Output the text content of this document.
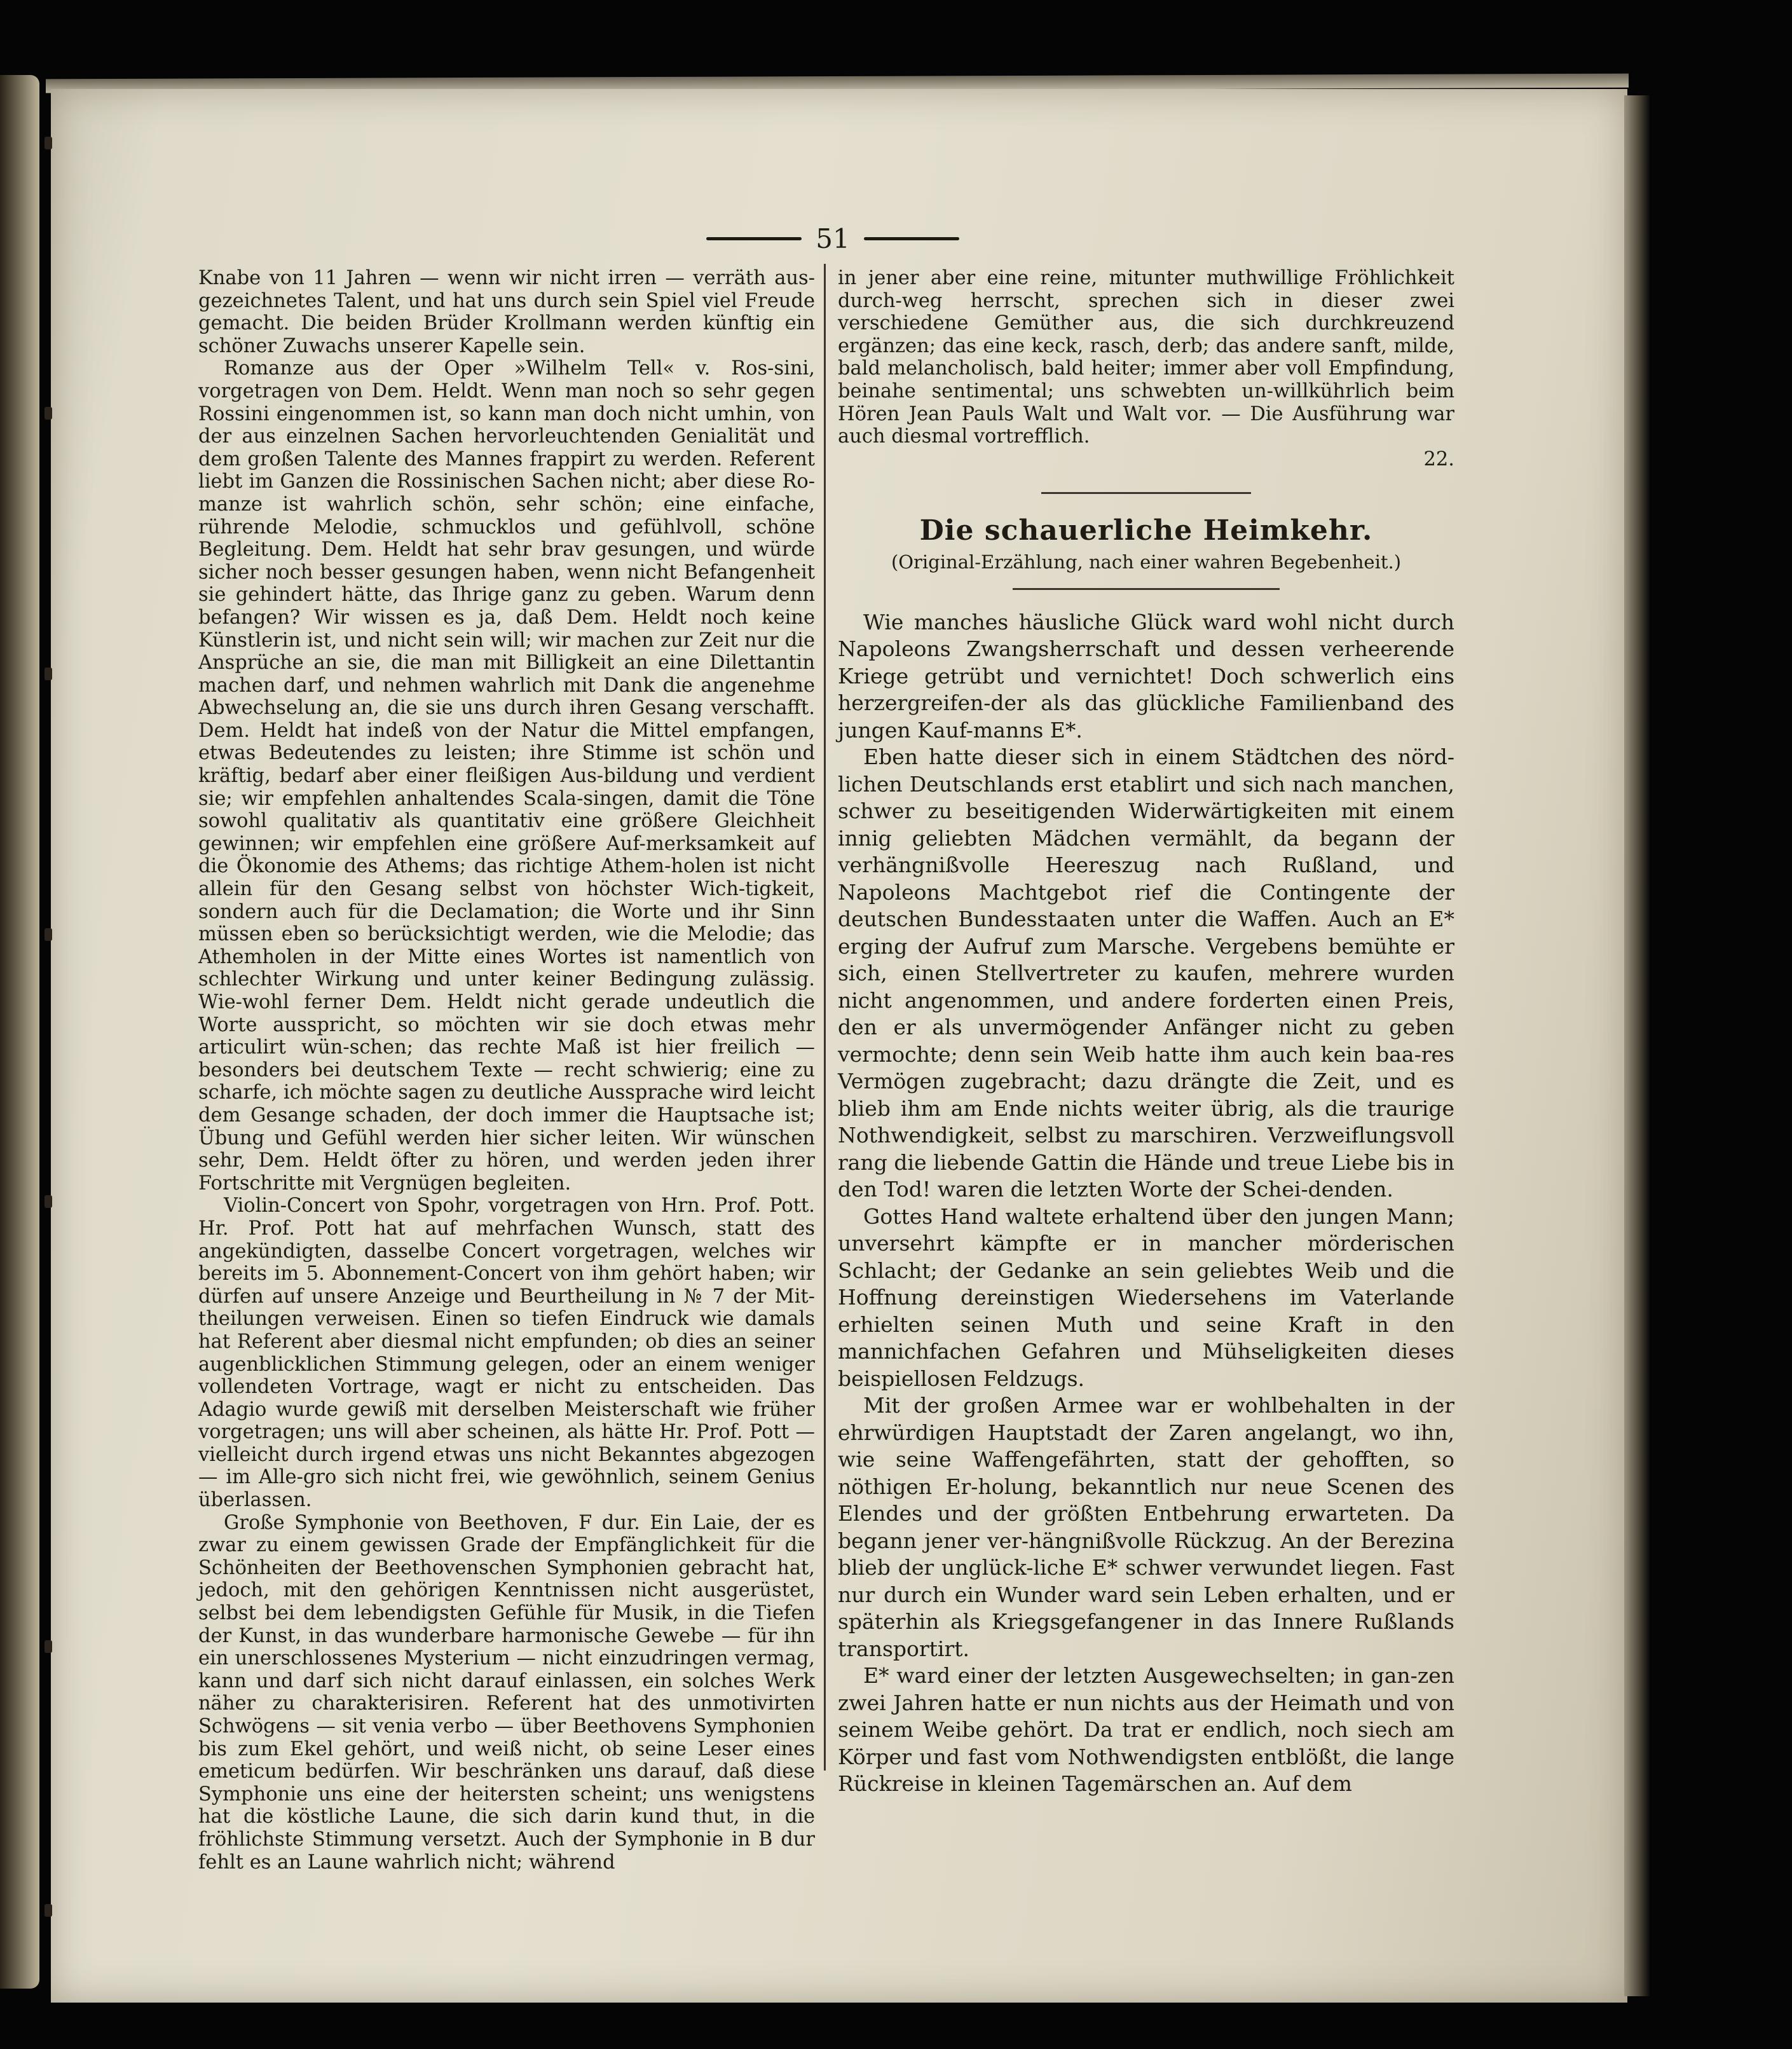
51

Knabe von 11 Jahren — wenn wir nicht irren — verräth aus-gezeichnetes Talent, und hat uns durch sein Spiel viel Freude gemacht. Die beiden Brüder Krollmann werden künftig ein schöner Zuwachs unserer Kapelle sein.

Romanze aus der Oper »Wilhelm Tell« v. Ros-sini, vorgetragen von Dem. Heldt. Wenn man noch so sehr gegen Rossini eingenommen ist, so kann man doch nicht umhin, von der aus einzelnen Sachen hervorleuchtenden Genialität und dem großen Talente des Mannes frappirt zu werden. Referent liebt im Ganzen die Rossinischen Sachen nicht; aber diese Ro-manze ist wahrlich schön, sehr schön; eine einfache, rührende Melodie, schmucklos und gefühlvoll, schöne Begleitung. Dem. Heldt hat sehr brav gesungen, und würde sicher noch besser gesungen haben, wenn nicht Befangenheit sie gehindert hätte, das Ihrige ganz zu geben. Warum denn befangen? Wir wissen es ja, daß Dem. Heldt noch keine Künstlerin ist, und nicht sein will; wir machen zur Zeit nur die Ansprüche an sie, die man mit Billigkeit an eine Dilettantin machen darf, und nehmen wahrlich mit Dank die angenehme Abwechselung an, die sie uns durch ihren Gesang verschafft. Dem. Heldt hat indeß von der Natur die Mittel empfangen, etwas Bedeutendes zu leisten; ihre Stimme ist schön und kräftig, bedarf aber einer fleißigen Aus-bildung und verdient sie; wir empfehlen anhaltendes Scala-singen, damit die Töne sowohl qualitativ als quantitativ eine größere Gleichheit gewinnen; wir empfehlen eine größere Auf-merksamkeit auf die Ökonomie des Athems; das richtige Athem-holen ist nicht allein für den Gesang selbst von höchster Wich-tigkeit, sondern auch für die Declamation; die Worte und ihr Sinn müssen eben so berücksichtigt werden, wie die Melodie; das Athemholen in der Mitte eines Wortes ist namentlich von schlechter Wirkung und unter keiner Bedingung zulässig. Wie-wohl ferner Dem. Heldt nicht gerade undeutlich die Worte ausspricht, so möchten wir sie doch etwas mehr articulirt wün-schen; das rechte Maß ist hier freilich — besonders bei deutschem Texte — recht schwierig; eine zu scharfe, ich möchte sagen zu deutliche Aussprache wird leicht dem Gesange schaden, der doch immer die Hauptsache ist; Übung und Gefühl werden hier sicher leiten. Wir wünschen sehr, Dem. Heldt öfter zu hören, und werden jeden ihrer Fortschritte mit Vergnügen begleiten.

Violin-Concert von Spohr, vorgetragen von Hrn. Prof. Pott. Hr. Prof. Pott hat auf mehrfachen Wunsch, statt des angekündigten, dasselbe Concert vorgetragen, welches wir bereits im 5. Abonnement-Concert von ihm gehört haben; wir dürfen auf unsere Anzeige und Beurtheilung in № 7 der Mit-theilungen verweisen. Einen so tiefen Eindruck wie damals hat Referent aber diesmal nicht empfunden; ob dies an seiner augenblicklichen Stimmung gelegen, oder an einem weniger vollendeten Vortrage, wagt er nicht zu entscheiden. Das Adagio wurde gewiß mit derselben Meisterschaft wie früher vorgetragen; uns will aber scheinen, als hätte Hr. Prof. Pott — vielleicht durch irgend etwas uns nicht Bekanntes abgezogen — im Alle-gro sich nicht frei, wie gewöhnlich, seinem Genius überlassen.

Große Symphonie von Beethoven, F dur. Ein Laie, der es zwar zu einem gewissen Grade der Empfänglichkeit für die Schönheiten der Beethovenschen Symphonien gebracht hat, jedoch, mit den gehörigen Kenntnissen nicht ausgerüstet, selbst bei dem lebendigsten Gefühle für Musik, in die Tiefen der Kunst, in das wunderbare harmonische Gewebe — für ihn ein unerschlossenes Mysterium — nicht einzudringen vermag, kann und darf sich nicht darauf einlassen, ein solches Werk näher zu charakterisiren. Referent hat des unmotivirten Schwögens — sit venia verbo — über Beethovens Symphonien bis zum Ekel gehört, und weiß nicht, ob seine Leser eines emeticum bedürfen. Wir beschränken uns darauf, daß diese Symphonie uns eine der heitersten scheint; uns wenigstens hat die köstliche Laune, die sich darin kund thut, in die fröhlichste Stimmung versetzt. Auch der Symphonie in B dur fehlt es an Laune wahrlich nicht; während

in jener aber eine reine, mitunter muthwillige Fröhlichkeit durch-weg herrscht, sprechen sich in dieser zwei verschiedene Gemüther aus, die sich durchkreuzend ergänzen; das eine keck, rasch, derb; das andere sanft, milde, bald melancholisch, bald heiter; immer aber voll Empfindung, beinahe sentimental; uns schwebten un-willkührlich beim Hören Jean Pauls Walt und Walt vor. — Die Ausführung war auch diesmal vortrefflich.

22.
Die schauerliche Heimkehr.
(Original-Erzählung, nach einer wahren Begebenheit.)

Wie manches häusliche Glück ward wohl nicht durch Napoleons Zwangsherrschaft und dessen verheerende Kriege getrübt und vernichtet! Doch schwerlich eins herzergreifen-der als das glückliche Familienband des jungen Kauf-manns E*.

Eben hatte dieser sich in einem Städtchen des nörd-lichen Deutschlands erst etablirt und sich nach manchen, schwer zu beseitigenden Widerwärtigkeiten mit einem innig geliebten Mädchen vermählt, da begann der verhängnißvolle Heereszug nach Rußland, und Napoleons Machtgebot rief die Contingente der deutschen Bundesstaaten unter die Waffen. Auch an E* erging der Aufruf zum Marsche. Vergebens bemühte er sich, einen Stellvertreter zu kaufen, mehrere wurden nicht angenommen, und andere forderten einen Preis, den er als unvermögender Anfänger nicht zu geben vermochte; denn sein Weib hatte ihm auch kein baa-res Vermögen zugebracht; dazu drängte die Zeit, und es blieb ihm am Ende nichts weiter übrig, als die traurige Nothwendigkeit, selbst zu marschiren. Verzweiflungsvoll rang die liebende Gattin die Hände und treue Liebe bis in den Tod! waren die letzten Worte der Schei-denden.

Gottes Hand waltete erhaltend über den jungen Mann; unversehrt kämpfte er in mancher mörderischen Schlacht; der Gedanke an sein geliebtes Weib und die Hoffnung dereinstigen Wiedersehens im Vaterlande erhielten seinen Muth und seine Kraft in den mannichfachen Gefahren und Mühseligkeiten dieses beispiellosen Feldzugs.

Mit der großen Armee war er wohlbehalten in der ehrwürdigen Hauptstadt der Zaren angelangt, wo ihn, wie seine Waffengefährten, statt der gehofften, so nöthigen Er-holung, bekanntlich nur neue Scenen des Elendes und der größten Entbehrung erwarteten. Da begann jener ver-hängnißvolle Rückzug. An der Berezina blieb der unglück-liche E* schwer verwundet liegen. Fast nur durch ein Wunder ward sein Leben erhalten, und er späterhin als Kriegsgefangener in das Innere Rußlands transportirt.

E* ward einer der letzten Ausgewechselten; in gan-zen zwei Jahren hatte er nun nichts aus der Heimath und von seinem Weibe gehört. Da trat er endlich, noch siech am Körper und fast vom Nothwendigsten entblößt, die lange Rückreise in kleinen Tagemärschen an. Auf dem
